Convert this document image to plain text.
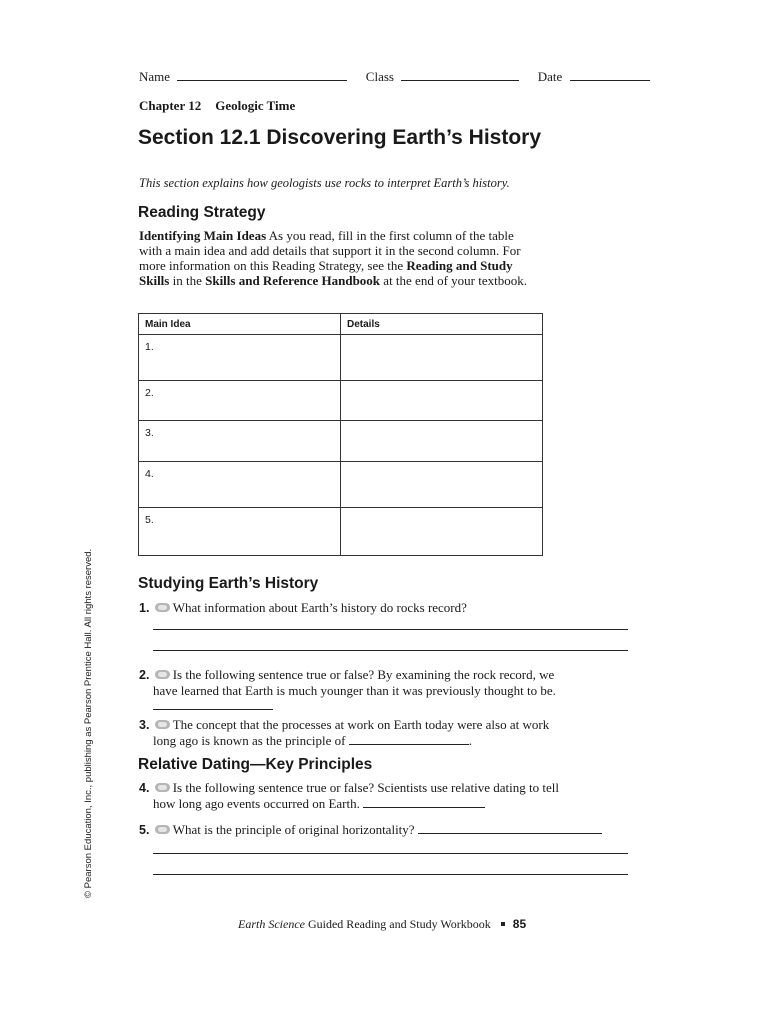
Name	Class	Date
Chapter 12 Geologic Time
Section 12.1 Discovering Earth’s History
This section explains how geologists use rocks to interpret Earth’s history.
Reading Strategy
Identifying Main Ideas As you read, fill in the first column of the table with a main idea and add details that support it in the second column. For more information on this Reading Strategy, see the Reading and Study Skills in the Skills and Reference Handbook at the end of your textbook.
Main Idea	Details
1.	
2.	
3.	
4.	
5.	
© Pearson Education, Inc., publishing as Pearson Prentice Hall. All rights reserved.	Studying Earth’s History
1. What information about Earth’s history do rocks record?
2. Is the following sentence true or false? By examining the rock record, we have learned that Earth is much younger than it was previously thought to be.
3. The concept that the processes at work on Earth today were also at work long ago is known as the principle of	.
Relative Dating—Key Principles
4. Is the following sentence true or false? Scientists use relative dating to tell how long ago events occurred on Earth.
5. What is the principle of original horizontality?
Earth Science Guided Reading and Study Workbook 85
